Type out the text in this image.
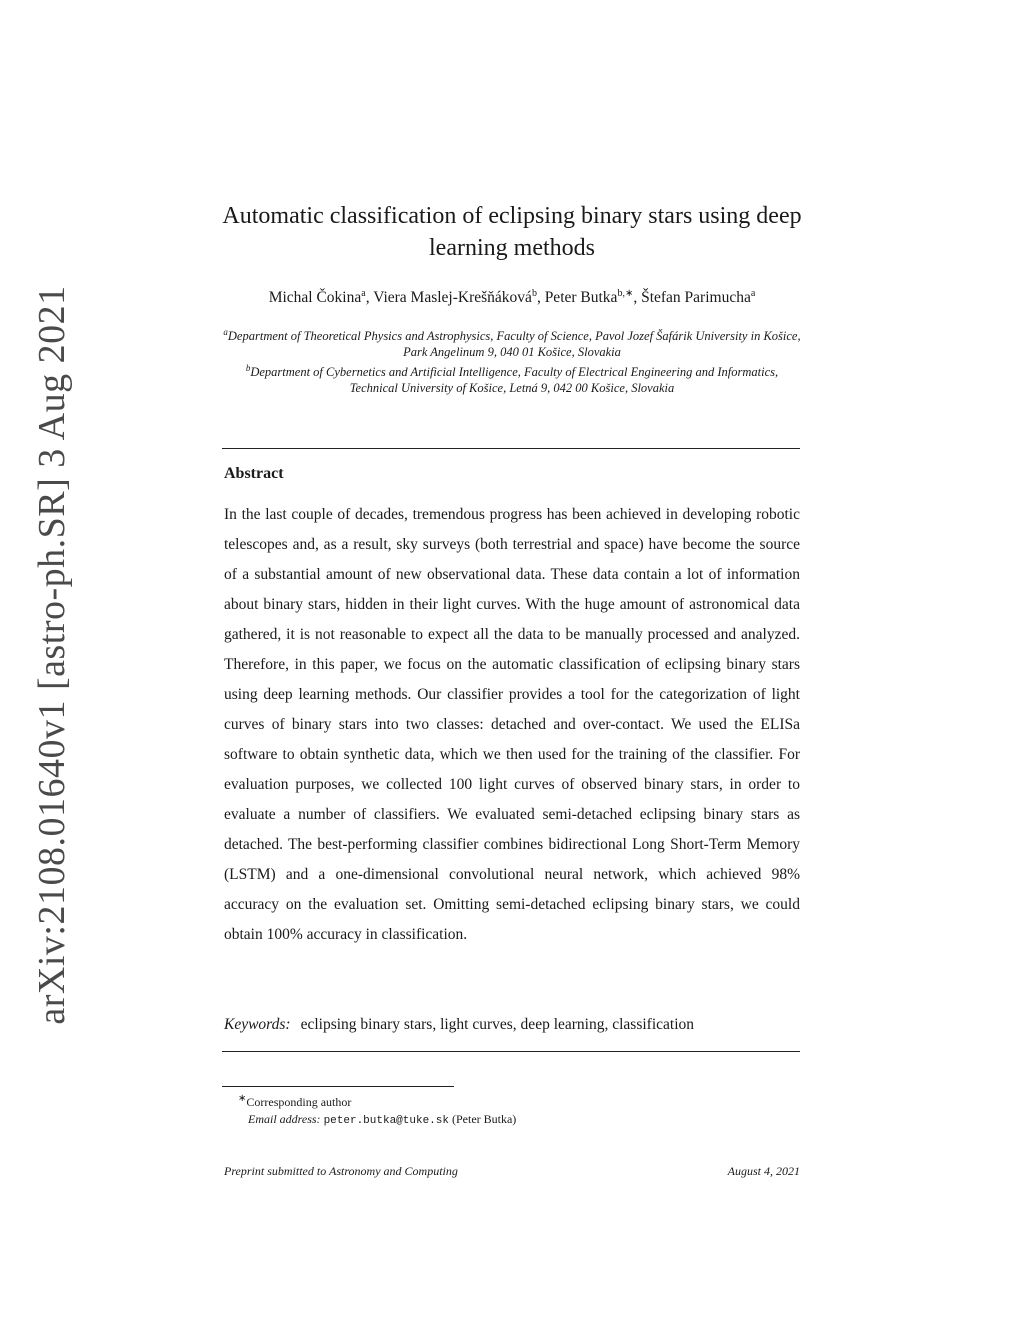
arXiv:2108.01640v1 [astro-ph.SR] 3 Aug 2021
Automatic classification of eclipsing binary stars using deep learning methods
Michal Čokina$^a$, Viera Maslej-Krešňáková$^b$, Peter Butka$^{b,∗}$, Štefan Parimucha$^a$
$^a$Department of Theoretical Physics and Astrophysics, Faculty of Science, Pavol Jozef Šafárik University in Košice, Park Angelinum 9, 040 01 Košice, Slovakia
$^b$Department of Cybernetics and Artificial Intelligence, Faculty of Electrical Engineering and Informatics, Technical University of Košice, Letná 9, 042 00 Košice, Slovakia
Abstract
In the last couple of decades, tremendous progress has been achieved in developing robotic telescopes and, as a result, sky surveys (both terrestrial and space) have become the source of a substantial amount of new observational data. These data contain a lot of information about binary stars, hidden in their light curves. With the huge amount of astronomical data gathered, it is not reasonable to expect all the data to be manually processed and analyzed. Therefore, in this paper, we focus on the automatic classification of eclipsing binary stars using deep learning methods. Our classifier provides a tool for the categorization of light curves of binary stars into two classes: detached and over-contact. We used the ELISa software to obtain synthetic data, which we then used for the training of the classifier. For evaluation purposes, we collected 100 light curves of observed binary stars, in order to evaluate a number of classifiers. We evaluated semi-detached eclipsing binary stars as detached. The best-performing classifier combines bidirectional Long Short-Term Memory (LSTM) and a one-dimensional convolutional neural network, which achieved 98% accuracy on the evaluation set. Omitting semi-detached eclipsing binary stars, we could obtain 100% accuracy in classification.
Keywords: eclipsing binary stars, light curves, deep learning, classification
∗Corresponding author
Email address: peter.butka@tuke.sk (Peter Butka)
Preprint submitted to Astronomy and Computing	August 4, 2021
